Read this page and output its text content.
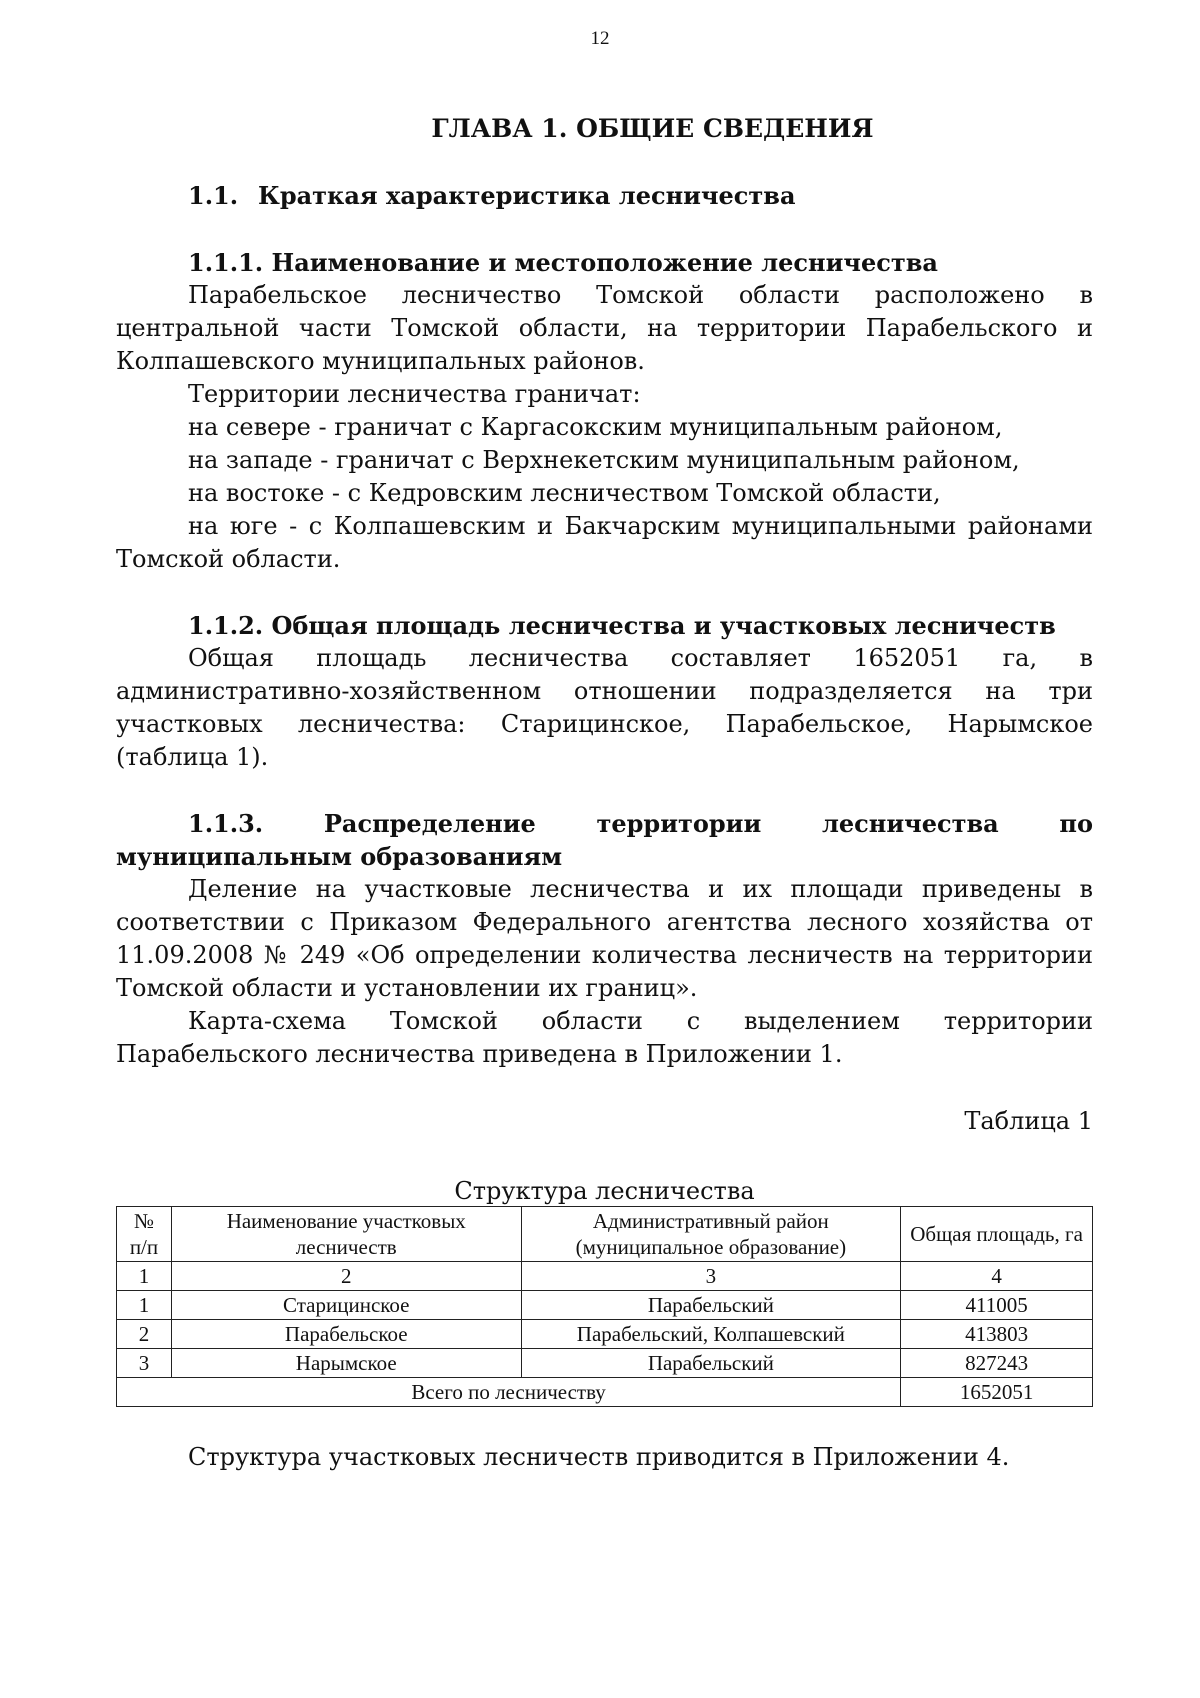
12
ГЛАВА 1. ОБЩИЕ СВЕДЕНИЯ
1.1. Краткая характеристика лесничества
1.1.1. Наименование и местоположение лесничества

Парабельское лесничество Томской области расположено в центральной части Томской области, на территории Парабельского и Колпашевского муниципальных районов.

Территории лесничества граничат:

на севере - граничат с Каргасокским муниципальным районом,

на западе - граничат с Верхнекетским муниципальным районом,

на востоке - с Кедровским лесничеством Томской области,

на юге - с Колпашевским и Бакчарским муниципальными районами Томской области.

1.1.2. Общая площадь лесничества и участковых лесничеств

Общая площадь лесничества составляет 1652051 га, в административно-хозяйственном отношении подразделяется на три участковых лесничества: Старицинское, Парабельское, Нарымское (таблица 1).

1.1.3. Распределение территории лесничества по муниципальным образованиям

Деление на участковые лесничества и их площади приведены в соответствии с Приказом Федерального агентства лесного хозяйства от 11.09.2008 № 249 «Об определении количества лесничеств на территории Томской области и установлении их границ».

Карта-схема Томской области с выделением территории Парабельского лесничества приведена в Приложении 1.

Таблица 1

Структура лесничества

№ п/п	Наименование участковых лесничеств	Административный район (муниципальное образование)	Общая площадь, га
1	2	3	4
1	Старицинское	Парабельский	411005
2	Парабельское	Парабельский, Колпашевский	413803
3	Нарымское	Парабельский	827243
Всего по лесничеству			1652051

Структура участковых лесничеств приводится в Приложении 4.
